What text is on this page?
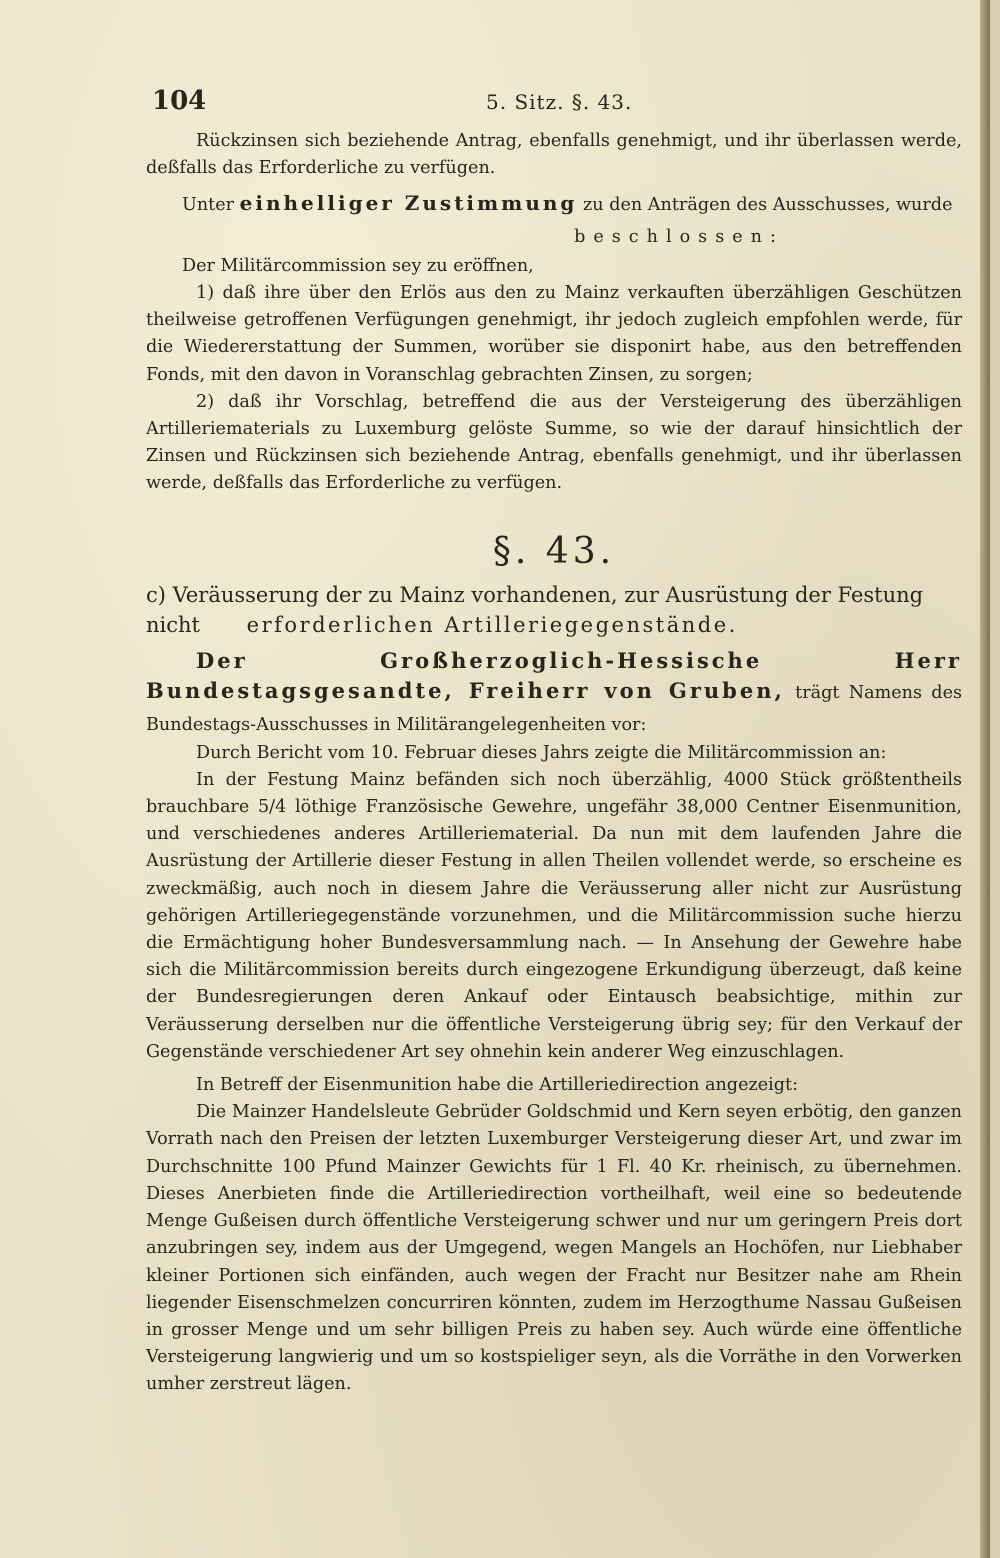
104	5. Sitz. §. 43.

Rückzinsen sich beziehende Antrag, ebenfalls genehmigt, und ihr überlassen werde, deßfalls das Erforderliche zu verfügen.

Unter einhelliger Zustimmung zu den Anträgen des Ausschusses, wurde

beschlossen:

Der Militärcommission sey zu eröffnen,

1) daß ihre über den Erlös aus den zu Mainz verkauften überzähligen Geschützen theilweise getroffenen Verfügungen genehmigt, ihr jedoch zugleich empfohlen werde, für die Wiedererstattung der Summen, worüber sie disponirt habe, aus den betreffenden Fonds, mit den davon in Voranschlag gebrachten Zinsen, zu sorgen;

2) daß ihr Vorschlag, betreffend die aus der Versteigerung des überzähligen Artilleriematerials zu Luxemburg gelöste Summe, so wie der darauf hinsichtlich der Zinsen und Rückzinsen sich beziehende Antrag, ebenfalls genehmigt, und ihr überlassen werde, deßfalls das Erforderliche zu verfügen.

§. 43.

c) Veräusserung der zu Mainz vorhandenen, zur Ausrüstung der Festung nicht erforderlichen Artilleriegegenstände.

Der Großherzoglich-Hessische Herr Bundestagsgesandte, Freiherr von Gruben, trägt Namens des Bundestags-Ausschusses in Militärangelegenheiten vor:

Durch Bericht vom 10. Februar dieses Jahrs zeigte die Militärcommission an:

In der Festung Mainz befänden sich noch überzählig, 4000 Stück größtentheils brauchbare 5/4 löthige Französische Gewehre, ungefähr 38,000 Centner Eisenmunition, und verschiedenes anderes Artilleriematerial. Da nun mit dem laufenden Jahre die Ausrüstung der Artillerie dieser Festung in allen Theilen vollendet werde, so erscheine es zweckmäßig, auch noch in diesem Jahre die Veräusserung aller nicht zur Ausrüstung gehörigen Artilleriegegenstände vorzunehmen, und die Militärcommission suche hierzu die Ermächtigung hoher Bundesversammlung nach. — In Ansehung der Gewehre habe sich die Militärcommission bereits durch eingezogene Erkundigung überzeugt, daß keine der Bundesregierungen deren Ankauf oder Eintausch beabsichtige, mithin zur Veräusserung derselben nur die öffentliche Versteigerung übrig sey; für den Verkauf der Gegenstände verschiedener Art sey ohnehin kein anderer Weg einzuschlagen.

In Betreff der Eisenmunition habe die Artilleriedirection angezeigt:

Die Mainzer Handelsleute Gebrüder Goldschmid und Kern seyen erbötig, den ganzen Vorrath nach den Preisen der letzten Luxemburger Versteigerung dieser Art, und zwar im Durchschnitte 100 Pfund Mainzer Gewichts für 1 Fl. 40 Kr. rheinisch, zu übernehmen. Dieses Anerbieten finde die Artilleriedirection vortheilhaft, weil eine so bedeutende Menge Gußeisen durch öffentliche Versteigerung schwer und nur um geringern Preis dort anzubringen sey, indem aus der Umgegend, wegen Mangels an Hochöfen, nur Liebhaber kleiner Portionen sich einfänden, auch wegen der Fracht nur Besitzer nahe am Rhein liegender Eisenschmelzen concurriren könnten, zudem im Herzogthume Nassau Gußeisen in grosser Menge und um sehr billigen Preis zu haben sey. Auch würde eine öffentliche Versteigerung langwierig und um so kostspieliger seyn, als die Vorräthe in den Vorwerken umher zerstreut lägen.
